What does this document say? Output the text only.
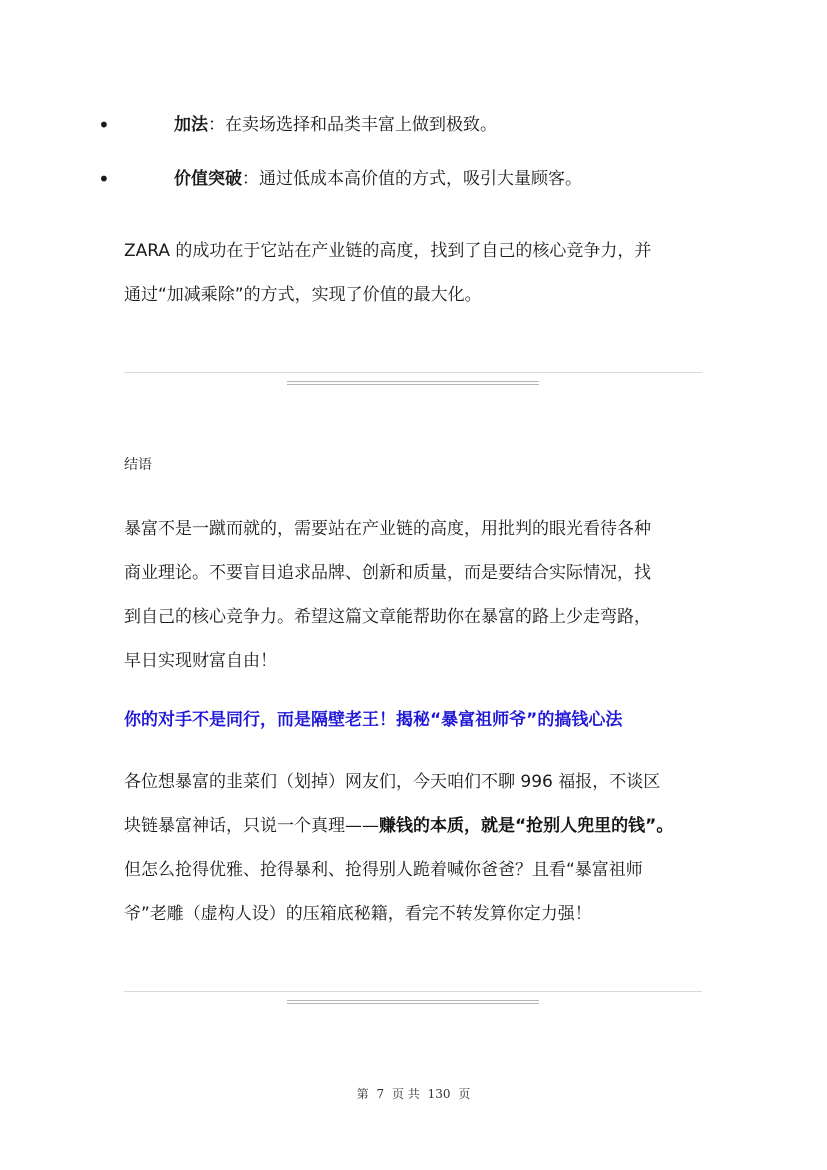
•	加法：在卖场选择和品类丰富上做到极致。
•	价值突破：通过低成本高价值的方式，吸引大量顾客。
ZARA 的成功在于它站在产业链的高度，找到了自己的核心竞争力，并
通过“加减乘除”的方式，实现了价值的最大化。
结语
暴富不是一蹴而就的，需要站在产业链的高度，用批判的眼光看待各种
商业理论。不要盲目追求品牌、创新和质量，而是要结合实际情况，找
到自己的核心竞争力。希望这篇文章能帮助你在暴富的路上少走弯路，
早日实现财富自由！
你的对手不是同行，而是隔壁老王！揭秘“暴富祖师爷”的搞钱心法
各位想暴富的韭菜们（划掉）网友们，今天咱们不聊 996 福报，不谈区
块链暴富神话，只说一个真理——赚钱的本质，就是“抢别人兜里的钱”。
但怎么抢得优雅、抢得暴利、抢得别人跪着喊你爸爸？且看“暴富祖师
爷”老雕（虚构人设）的压箱底秘籍，看完不转发算你定力强！
第 7 页 共 130 页
